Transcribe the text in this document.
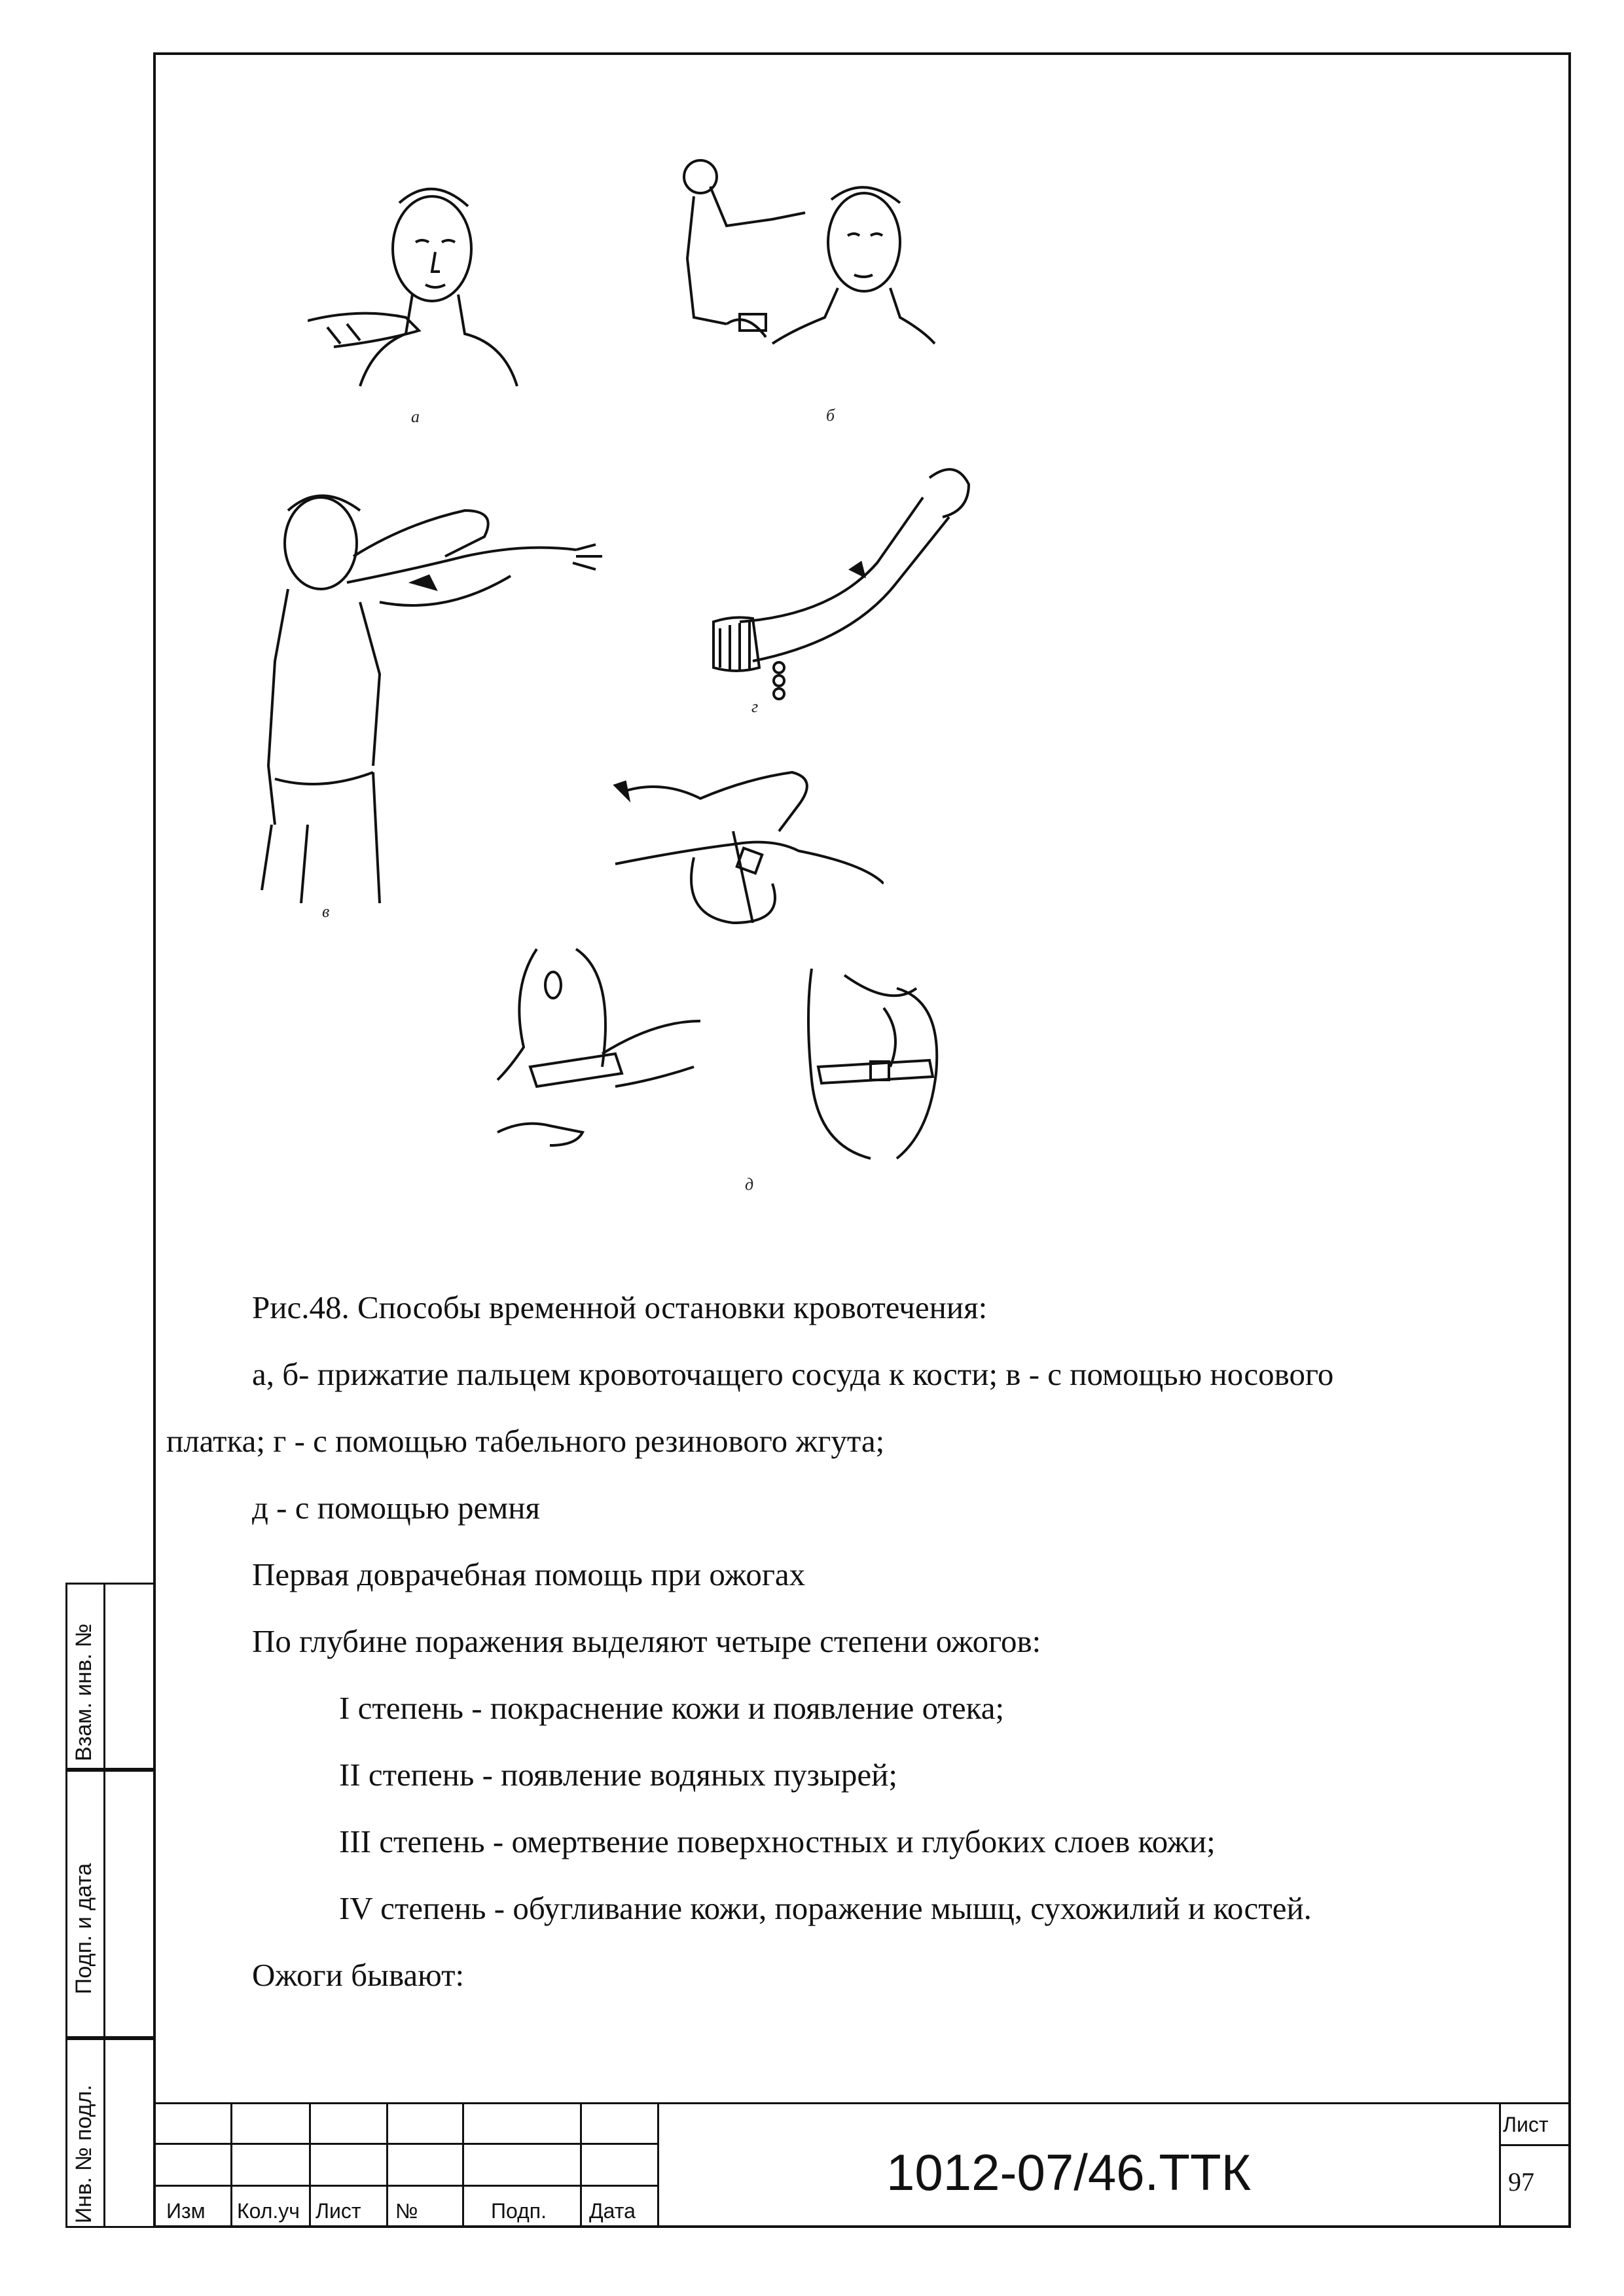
а	б
в
г
д
Рис.48. Способы временной остановки кровотечения:
а, б- прижатие пальцем кровоточащего сосуда к кости; в - с помощью носового
платка; г - с помощью табельного резинового жгута;
д - с помощью ремня
Первая доврачебная помощь при ожогах
По глубине поражения выделяют четыре степени ожогов:
I степень - покраснение кожи и появление отека;
II степень - появление водяных пузырей;
III степень - омертвение поверхностных и глубоких слоев кожи;
IV степень - обугливание кожи, поражение мышц, сухожилий и костей.
Ожоги бывают:
Взам. инв. №
Подп. и дата
Инв. № подл.	Изм Кол.уч Лист №	Подп. Дата
1012-07/46.ТТК
Лист
97
